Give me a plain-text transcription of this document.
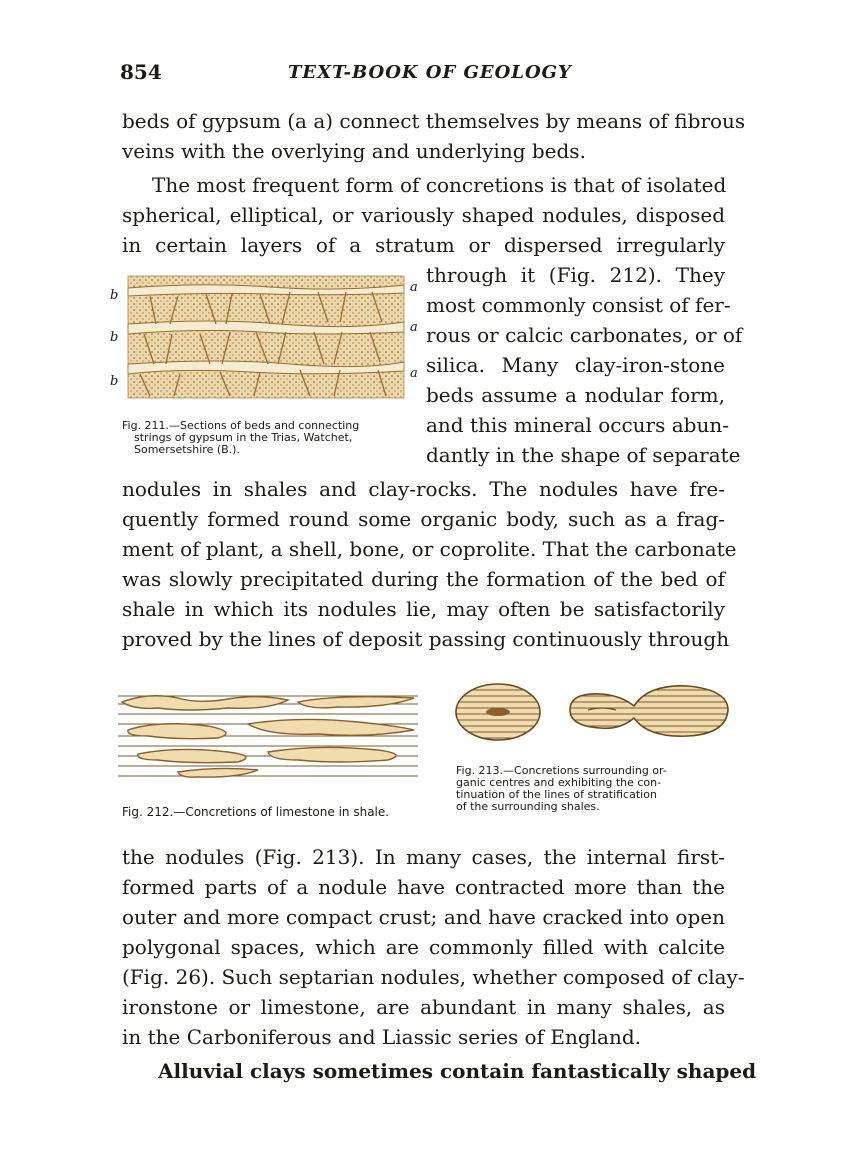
854	TEXT-BOOK OF GEOLOGY

beds of gypsum (a a) connect themselves by means of fibrous
veins with the overlying and underlying beds.
The most frequent form of concretions is that of isolated
spherical, elliptical, or variously shaped nodules, disposed
in certain layers of a stratum or dispersed irregularly
through it (Fig. 212). They
most commonly consist of fer-
rous or calcic carbonates, or of
silica. Many clay-iron-stone
beds assume a nodular form,
and this mineral occurs abun-
dantly in the shape of separate
nodules in shales and clay-rocks. The nodules have fre-
quently formed round some organic body, such as a frag-
ment of plant, a shell, bone, or coprolite. That the carbonate
was slowly precipitated during the formation of the bed of
shale in which its nodules lie, may often be satisfactorily
proved by the lines of deposit passing continuously through
b
b
b
a
a
a
Fig. 211.—Sections of beds and connecting
strings of gypsum in the Trias, Watchet,
Somersetshire (B.).
Fig. 212.—Concretions of limestone in shale.
Fig. 213.—Concretions surrounding or-
ganic centres and exhibiting the con-
tinuation of the lines of stratification
of the surrounding shales.
the nodules (Fig. 213). In many cases, the internal first-
formed parts of a nodule have contracted more than the
outer and more compact crust; and have cracked into open
polygonal spaces, which are commonly filled with calcite
(Fig. 26). Such septarian nodules, whether composed of clay-
ironstone or limestone, are abundant in many shales, as
in the Carboniferous and Liassic series of England.
Alluvial clays sometimes contain fantastically shaped
